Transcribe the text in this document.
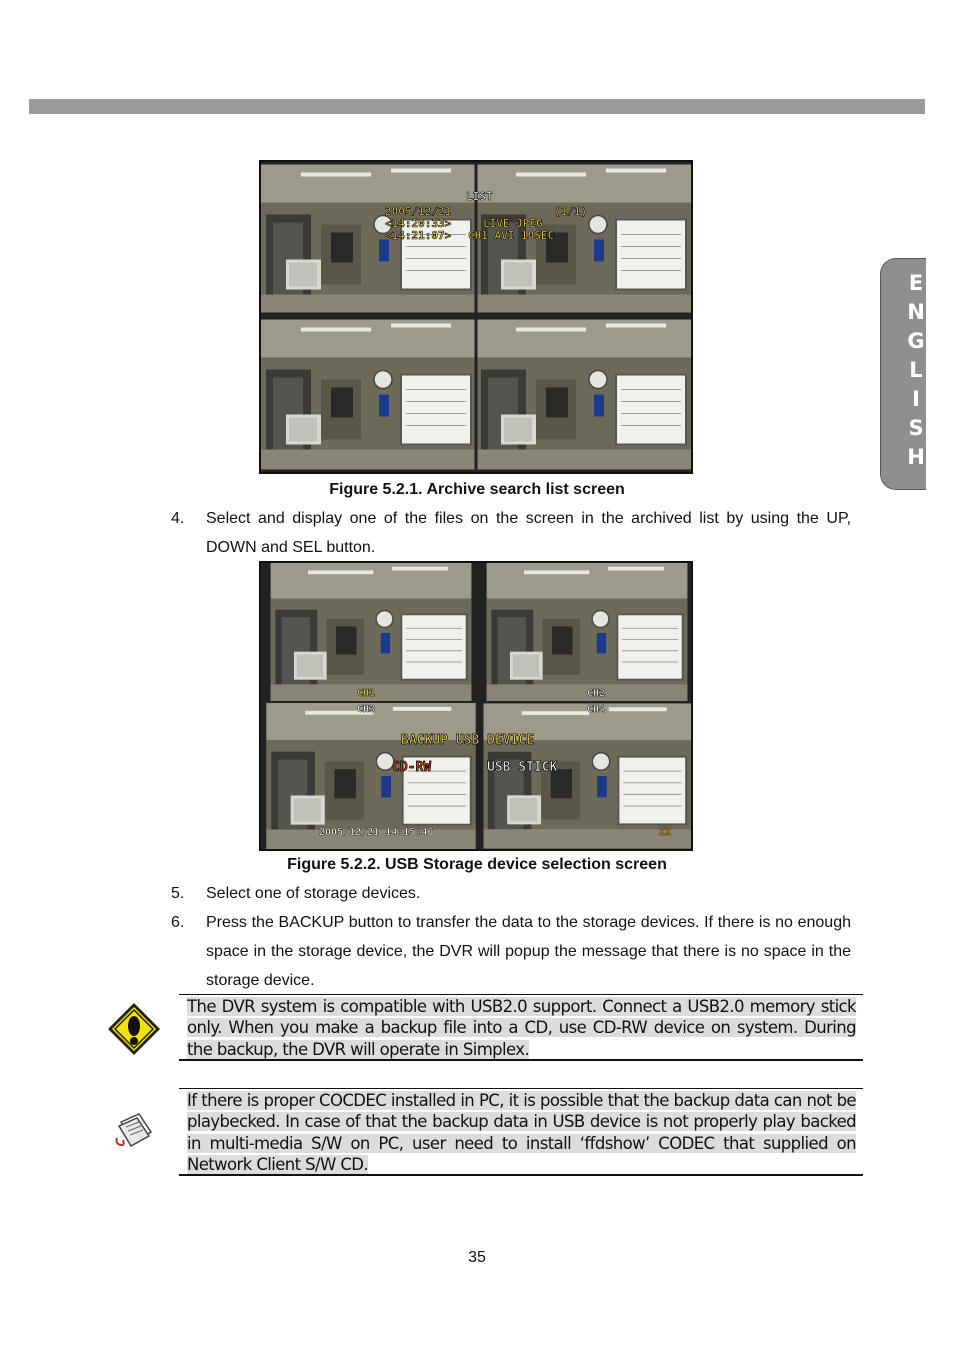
E
N
G
L
I
S
H
LIST
2005/12/21
<14:20:33>	LIVE JPEG
(1/1)
<14:21:07> CH1 AVI 10SEC
Figure 5.2.1. Archive search list screen
4. Select and display one of the files on the screen in the archived list by using the UP, DOWN and SEL button.
CH1	CH2
CH3	CH4
BACKUP USB DEVICE
CD-RW	USB STICK
2005/12/21 14:15:46	II
Figure 5.2.2. USB Storage device selection screen
5. Select one of storage devices.
6. Press the BACKUP button to transfer the data to the storage devices. If there is no enough space in the storage device, the DVR will popup the message that there is no space in the storage device.
The DVR system is compatible with USB2.0 support. Connect a USB2.0 memory stick only. When you make a backup file into a CD, use CD-RW device on system. During the backup, the DVR will operate in Simplex.
If there is proper COCDEC installed in PC, it is possible that the backup data can not be playbecked. In case of that the backup data in USB device is not properly play backed in multi-media S/W on PC, user need to install ‘ffdshow’ CODEC that supplied on Network Client S/W CD.
35
